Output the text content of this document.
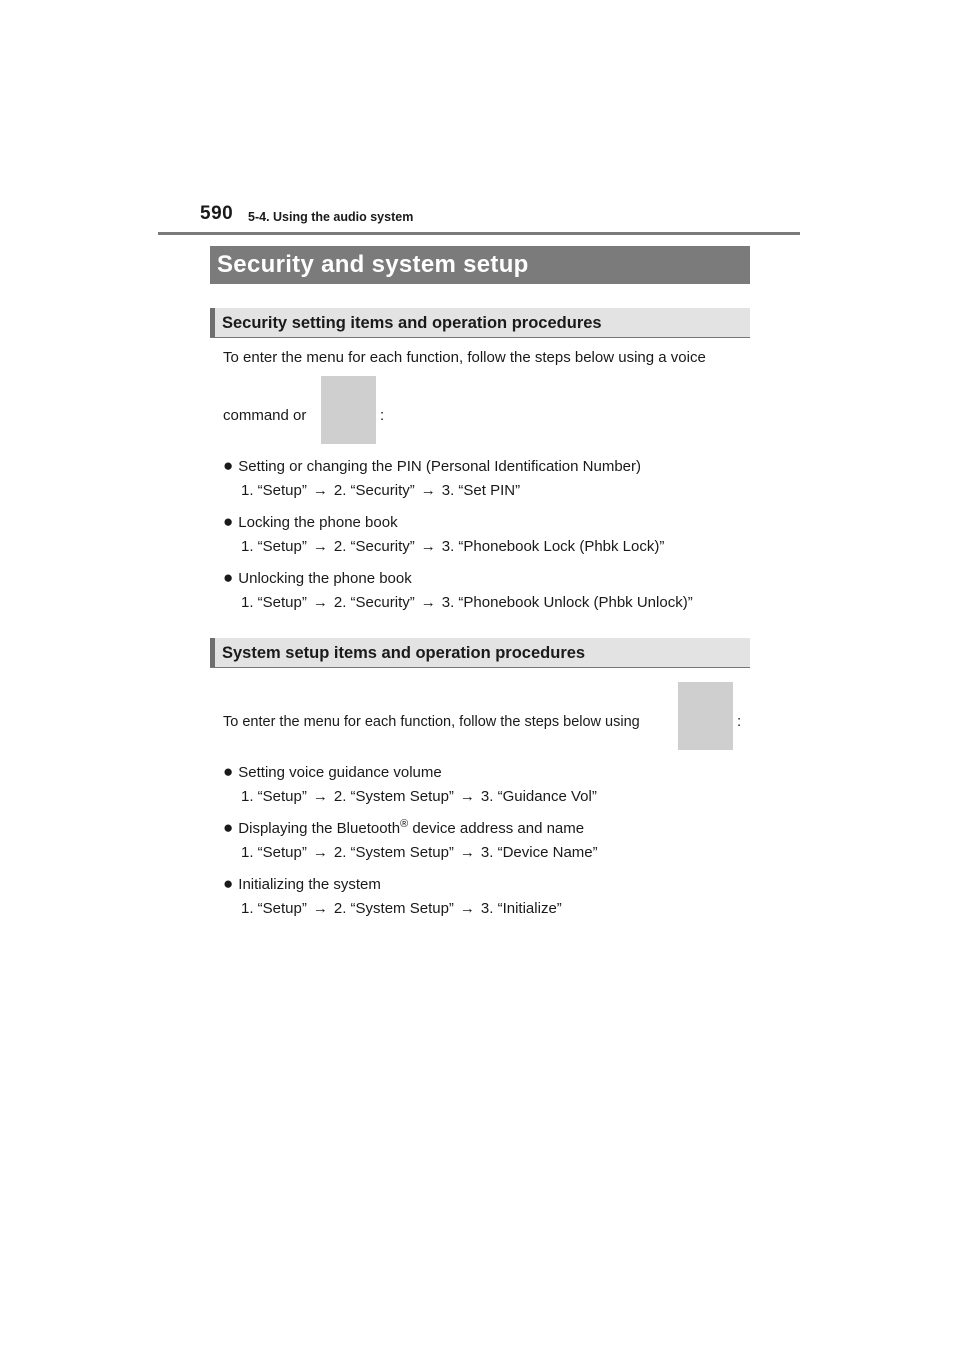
590 5-4. Using the audio system
Security and system setup
Security setting items and operation procedures
To enter the menu for each function, follow the steps below using a voice
command or	:
● Setting or changing the PIN (Personal Identification Number)
1. “Setup” → 2. “Security” → 3. “Set PIN”
● Locking the phone book
1. “Setup” → 2. “Security” → 3. “Phonebook Lock (Phbk Lock)”
● Unlocking the phone book
1. “Setup” → 2. “Security” → 3. “Phonebook Unlock (Phbk Unlock)”
System setup items and operation procedures
To enter the menu for each function, follow the steps below using	:
● Setting voice guidance volume
1. “Setup” → 2. “System Setup” → 3. “Guidance Vol”
● Displaying the Bluetooth® device address and name
1. “Setup” → 2. “System Setup” → 3. “Device Name”
● Initializing the system
1. “Setup” → 2. “System Setup” → 3. “Initialize”
